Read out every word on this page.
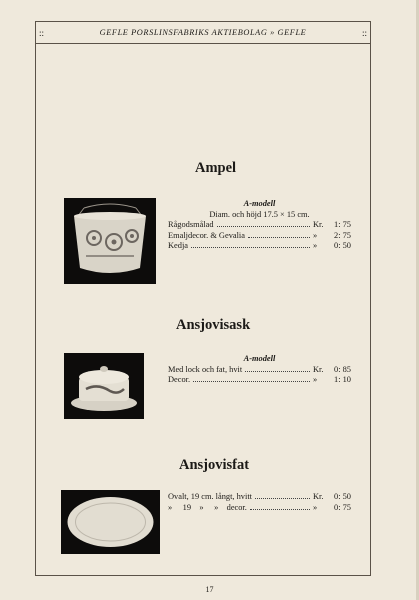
GEFLE PORSLINSFABRIKS AKTIEBOLAG » GEFLE
::	::
Ampel
A-modell
Diam. och höjd 17.5 × 15 cm.
Rågodsmålad	Kr.	1: 75
Emaljdecor. & Gevalia	»	2: 75
Kedja	»	0: 50
Ansjovisask
A-modell
Med lock och fat, hvit	Kr.	0: 85
Decor.	»	1: 10
Ansjovisfat
Ovalt, 19 cm. långt, hvitt	Kr.	0: 50
»  19 »  » decor.	»	0: 75
17
